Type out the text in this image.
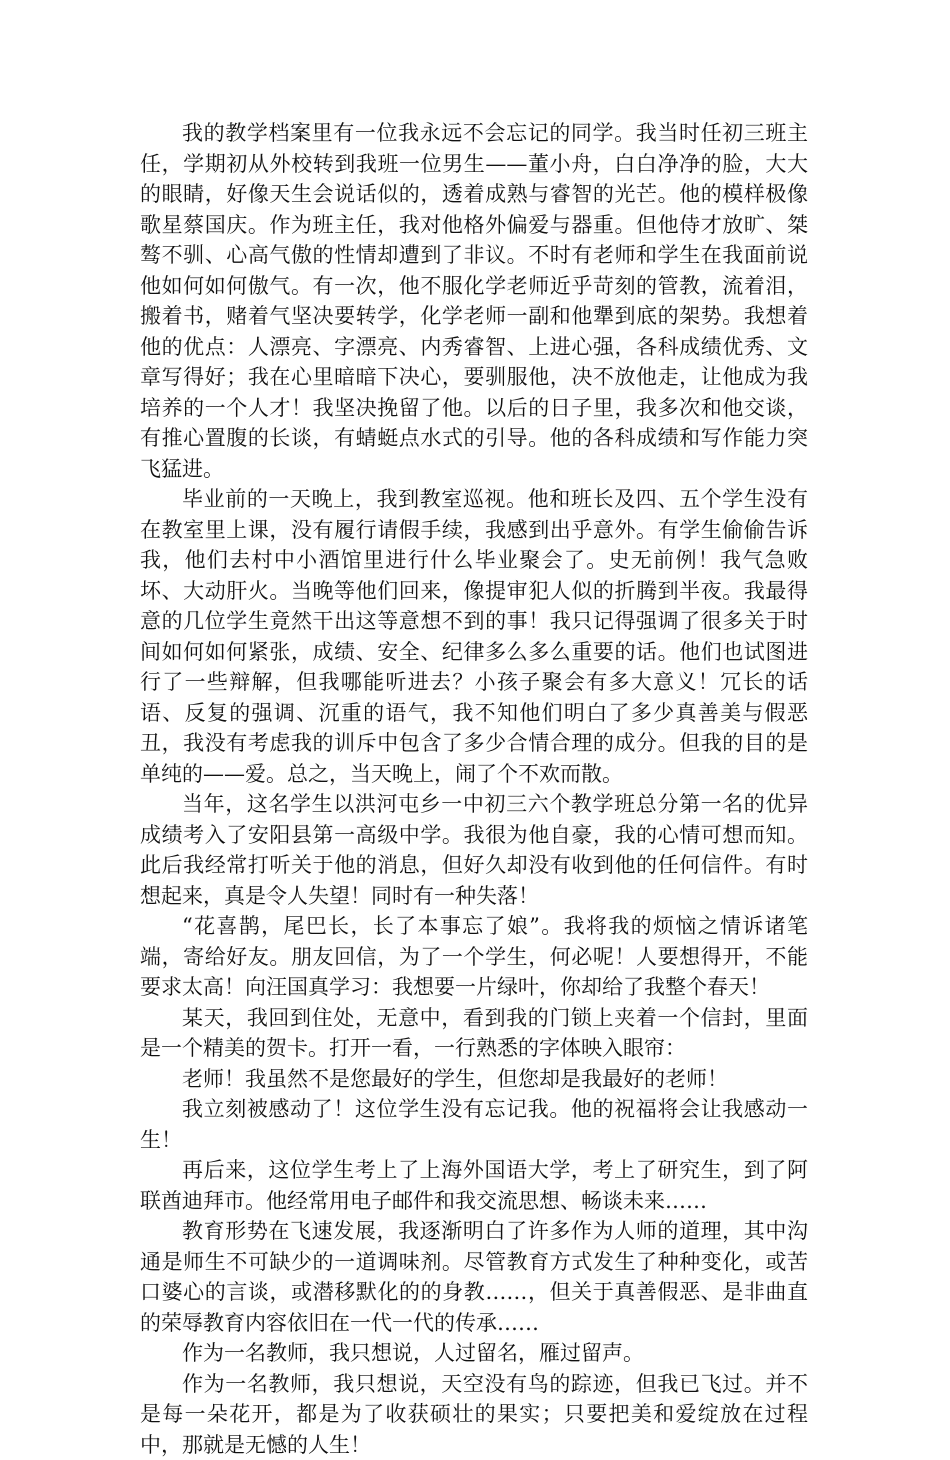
我的教学档案里有一位我永远不会忘记的同学。我当时任初三班主任，学期初从外校转到我班一位男生——董小舟，白白净净的脸，大大的眼睛，好像天生会说话似的，透着成熟与睿智的光芒。他的模样极像歌星蔡国庆。作为班主任，我对他格外偏爱与器重。但他侍才放旷、桀骜不驯、心高气傲的性情却遭到了非议。不时有老师和学生在我面前说他如何如何傲气。有一次，他不服化学老师近乎苛刻的管教，流着泪，搬着书，赌着气坚决要转学，化学老师一副和他犟到底的架势。我想着他的优点：人漂亮、字漂亮、内秀睿智、上进心强，各科成绩优秀、文章写得好；我在心里暗暗下决心，要驯服他，决不放他走，让他成为我培养的一个人才！我坚决挽留了他。以后的日子里，我多次和他交谈，有推心置腹的长谈，有蜻蜓点水式的引导。他的各科成绩和写作能力突飞猛进。

毕业前的一天晚上，我到教室巡视。他和班长及四、五个学生没有在教室里上课，没有履行请假手续，我感到出乎意外。有学生偷偷告诉我，他们去村中小酒馆里进行什么毕业聚会了。史无前例！我气急败坏、大动肝火。当晚等他们回来，像提审犯人似的折腾到半夜。我最得意的几位学生竟然干出这等意想不到的事！我只记得强调了很多关于时间如何如何紧张，成绩、安全、纪律多么多么重要的话。他们也试图进行了一些辩解，但我哪能听进去？小孩子聚会有多大意义！冗长的话语、反复的强调、沉重的语气，我不知他们明白了多少真善美与假恶丑，我没有考虑我的训斥中包含了多少合情合理的成分。但我的目的是单纯的——爱。总之，当天晚上，闹了个不欢而散。

当年，这名学生以洪河屯乡一中初三六个教学班总分第一名的优异成绩考入了安阳县第一高级中学。我很为他自豪，我的心情可想而知。此后我经常打听关于他的消息，但好久却没有收到他的任何信件。有时想起来，真是令人失望！同时有一种失落！

“花喜鹊，尾巴长，长了本事忘了娘”。我将我的烦恼之情诉诸笔端，寄给好友。朋友回信，为了一个学生，何必呢！人要想得开，不能要求太高！向汪国真学习：我想要一片绿叶，你却给了我整个春天！

某天，我回到住处，无意中，看到我的门锁上夹着一个信封，里面是一个精美的贺卡。打开一看，一行熟悉的字体映入眼帘：

老师！我虽然不是您最好的学生，但您却是我最好的老师！

我立刻被感动了！这位学生没有忘记我。他的祝福将会让我感动一生！

再后来，这位学生考上了上海外国语大学，考上了研究生，到了阿联酋迪拜市。他经常用电子邮件和我交流思想、畅谈未来……

教育形势在飞速发展，我逐渐明白了许多作为人师的道理，其中沟通是师生不可缺少的一道调味剂。尽管教育方式发生了种种变化，或苦口婆心的言谈，或潜移默化的的身教……，但关于真善假恶、是非曲直的荣辱教育内容依旧在一代一代的传承……

作为一名教师，我只想说，人过留名，雁过留声。

作为一名教师，我只想说，天空没有鸟的踪迹，但我已飞过。并不是每一朵花开，都是为了收获硕壮的果实；只要把美和爱绽放在过程中，那就是无憾的人生！
